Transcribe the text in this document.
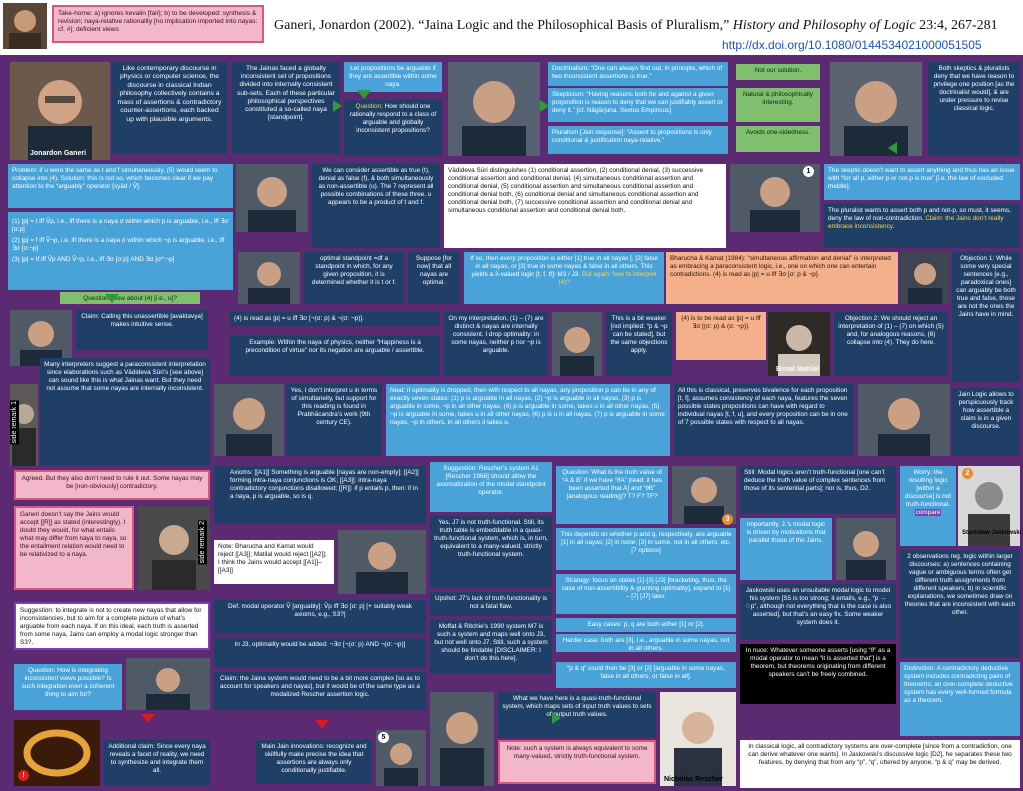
Take-home: a) ignores kevalin [fair]; b) to be developed: synthesis & revision; naya-relative rationality [no implication imported into nayas: cf. #]; deficient views	Ganeri, Jonardon (2002). “Jaina Logic and the Philosophical Basis of Pluralism,” History and Philosophy of Logic 23:4, 267-281
http://dx.doi.org/10.1080/0144534021000051505
Jonardon Ganeri
Like contemporary discourse in physics or computer science, the discourse in classical Indian philosophy collectively contains a mass of assertions & contradictory counter-assertions, each backed up with plausible arguments.
The Jainas faced a globally inconsistent set of propositions divided into internally consistent sub-sets. Each of these particular philosophical perspectives constituted a so-called naya [standpoint].
Let propositions be arguable if they are assertible within some naya.
Question: How should one rationally respond to a class of arguable and globally inconsistent propositions?
Doctrinalism: “One can always find out, in principle, which of two inconsistent assertions is true.”
Skepticism: “Having reasons both for and against a given proposition is reason to deny that we can justifiably assert or deny it.” [cf. Nāgārjuna, Sextus Empiricus]
Pluralism [Jain response]: “Assent to propositions is only conditional & justification naya-relative.”
Not our solution.
Natural & philosophically interesting.
Avoids one-sidedness.
Both skeptics & pluralists deny that we have reason to privilege one position [as the doctrinalist would], & are under pressure to revise classical logic.
Problem: if u were the same as t and f simultaneously, (5) would seem to collapse into (4). Solution: this is not so, which becomes clear if we pay attention to the “arguably” operator [syād / V̂].
We can consider assertible as true (t), denial as false (f), & both simultaneously as non-assertible (u). The 7 represent all possible combinations of these three. u appears to be a product of t and f.
Vādideva Sūri distinguishes (1) conditional assertion, (2) conditional denial, (3) successive conditional assertion and conditional denial, (4) simultaneous conditional assertion and conditional denial, (5) conditional assertion and simultaneous conditional assertion and conditional denial both, (6) conditional denial and simultaneous conditional assertion and conditional denial both, (7) successive conditional assertion and conditional denial and simultaneous conditional assertion and conditional denial both.
1	The skeptic doesn’t want to assert anything and thus has an issue with “for all p, either p or not-p is true” [i.e. the law of excluded middle].
The pluralist wants to assert both p and not-p, so must, it seems, deny the law of non-contradiction. Claim: the Jains don’t really embrace inconsistency.
(1) |p| = t iff V̂p, i.e., iff there is a naya σ within which p is arguable, i.e., iff ∃σ [σ:p]
(2) |p| = f iff V̂¬p, i.e. iff there is a naya σ within which ¬p is arguable, i.e., iff ∃σ [σ:¬p]
(3) |p| = tf iff V̂p AND V̂¬p, i.e., iff ∃σ [σ:p] AND ∃σ [σ*:¬p]
Question: How about (4) [i.e., u]?
optimal standpoint =df a standpoint in which, for any given proposition, it is determined whether it is t or f.
Suppose [for now] that all nayas are optimal.
If so, then every proposition is either [1] true in all nayas [, [2] false in all nayas, or [3] true in some nayas & false in all others. This yields a 3-valued logic [t, f, tf]: M3 / J3. But again: how to interpret (4)?
Bharucha & Kamat (1984): “simultaneous affirmation and denial” is interpreted as embracing a paraconsistent logic, i.e., one on which one can entertain contradictions. (4) is read as |p| = u iff ∃σ [σ: p & ¬p].
Objection 1: While some very special sentences [e.g., paradoxical ones] can arguably be both true and false, those are not the ones the Jains have in mind.
Claim: Calling this unassertible [avaktavya] makes intuitive sense.
(4) is read as |p| = u iff ∃σ [¬(σ: p) & ¬(σ: ¬p)].
Example: Within the naya of physics, neither “Happiness is a precondition of virtue” nor its negation are arguable / assertible.
On my interpretation, (1) – (7) are distinct & nayas are internally consistent. I drop optimality: in some nayas, neither p nor ¬p is arguable.
This is a bit weaker [not implied: “p & ¬p can be stated], but the same objections apply.
(4) is to be read as |p| = u iff ∃σ [(σ: p) & (σ: ¬p)].
Bimal Matilal
Objection 2: We should reject an interpretation of (1) – (7) on which (5) and, for analogous reasons, (6) collapse into (4). They do here.
Many interpreters suggest a paraconsistent interpretation since elaborations such as Vādideva Sūri’s [see above] can sound like this is what Jainas want. But they need not assume that some nayas are internally inconsistent.
side remark 1
Agreed. But they also don’t need to rule it out. Some nayas may be [non-obviously] contradictory.
Yes, I don’t interpret u in terms of simultaneity, but support for this reading is found in Prabhācandra’s work (9th century CE).
Neat: if optimality is dropped, then with respect to all nayas, any proposition p can be in any of exactly seven states: (1) p is arguable in all nayas, (2) ¬p is arguable in all nayas, (3) p is arguable in some, ¬p in all other nayas, (4) p is arguable in some, takes u in all other nayas, (5) ¬p is arguable in some, takes u in all other nayas, (6) p is u in all nayas, (7) p is arguable in some nayas, ¬p in others, in all others it takes u.
All this is classical, preserves bivalence for each proposition [t, f], assumes consistency of each naya, features the seven possible states propositions can have with regard to individual nayas [t, f, u], and every proposition can be in one of 7 possible states with respect to all nayas.
Jain Logic allows to perspicuously track how assertible a claim is in a given discourse.
Axioms: [[A1]] Something is arguable [nayas are non-empty]; [[A2]] forming intra-naya conjunctions is OK; [[A3]]: intra-naya contradictory conjunctions disallowed; [[R]]: if p entails p, then: if in a naya, p is arguable, so is q.
Note: Bharucha and Kamat would reject [[A3]]; Matilal would reject [[A2]]; I think the Jains would accept [[A1]]–[[A3]]
Def. modal operator V̂ [arguably]: V̂p iff ∃σ [σ: p] [+ suitably weak axioms, e.g., S3?]
In J3, optimality would be added: ¬∃σ [¬(σ: p) AND ¬(σ: ¬p)]
Claim: the Jaina system would need to be a bit more complex [so as to account for speakers and nayas], but it would be of the same type as a modalized Rescher assertion logic.
Suggestion: Rescher’s system A1 [Rescher 1968] should allow the axiomatization of the modal standpoint operator.
Yes, J7 is not truth-functional. Still, its truth table is embeddable in a quasi-truth-functional system, which is, in turn, equivalent to a many-valued, strictly truth-functional system.
Upshot: J7’s lack of truth-functionality is not a fatal flaw.
Moffat & Ritchie’s 1990 system M7 is such a system and maps well onto J3, but not well onto J7. Still, such a system should be findable [DISCLAIMER: I don’t do this here].
Question: What is the truth value of “A & B” if we have “ϑA” [read: it has been asserted that A] and “ϑB” [analogous reading]? T? F? TF?
3
This depends on whether p and q, respectively, are arguable [1] in all nayas; [2] in none; [3] in some, not in all others; etc. [7 options]
Strategy: focus on states [1]-[3] [J3] [bracketing, thus, the case of non-assertibility & granting optimality], expand to [1] – [7] [J7] later.
Easy cases: p, q are both either [1] or [2].
Harder case: both are [3], i.e., arguable in some nayas, not in all others.
“p & q” could then be [3] or [2] [arguable in some nayas, false in all others; or false in all].
Still: Modal logics aren’t truth-functional [one can’t deduce the truth value of complex sentences from those of its sentential parts]; nor is, thus, D2.
Importantly, J.’s modal logic is driven by motivations that parallel those of the Jains.
Jaskowski uses an unsuitable modal logic to model his system [S5 is too strong; it entails, e.g., “p → ♢p”, although not everything that is the case is also asserted], but that’s an easy fix. Some weaker system does it.
In nuce: Whatever someone asserts [using “ϑ” as a modal operator to mean “it is asserted that”] is a theorem, but theorems originating from different speakers can’t be freely combined.
Worry: the resulting logic [within a discourse] is not truth-functional.
compare
2
Stanisław Jaśkowski
2 observations reg. logic within larger discourses: a) sentences containing vague or ambiguous terms often get different truth assignments from different speakers; b) in scientific explanations, we sometimes draw on theories that are inconsistent with each other.
Distinction: A contradictory deductive system includes contradicting pairs of theorems; an over-complete deductive system has every well-formed formula as a theorem.
In classical logic, all contradictory systems are over-complete [since from a contradiction, one can derive whatever one wants]. In Jaskowski’s discussive logic [D2], he separates these two features, by denying that from any “p”, “q”, uttered by anyone, “p & q” may be derived.
What we have here is a quasi-truth-functional system, which maps sets of input truth values to sets of output truth values.
Note: such a system is always equivalent to some many-valued, strictly truth-functional system.
Nicholas Rescher
Ganeri doesn’t say the Jains would accept [[R]] as stated (interestingly). I doubt they would, for what entails what may differ from naya to naya, so the entailment relation would need to be relativized to a naya.	side remark 2
Suggestion: to integrate is not to create new nayas that allow for inconsistencies, but to aim for a complete picture of what’s arguable from each naya. If on this ideal, each truth is asserted from some naya, Jains can employ a modal logic stronger than S3?.
Question: How is integrating inconsistent views possible? Is such integration even a coherent thing to aim for?
!
Additional claim: Since every naya reveals a facet of reality, we need to synthesize and integrate them all.
Main Jain innovations: recognize and skillfully make precise the idea that assertions are always only conditionally justifiable.
5
